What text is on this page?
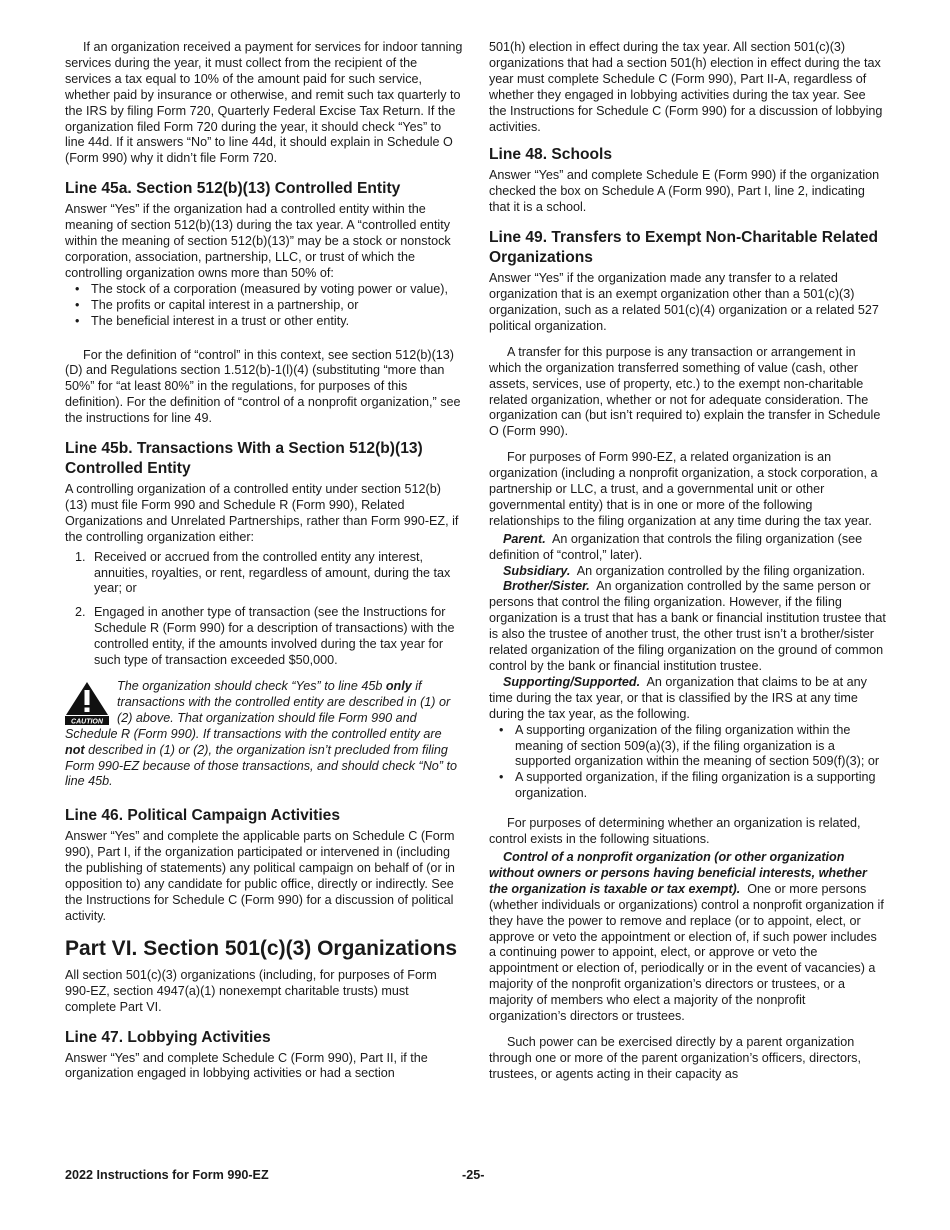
If an organization received a payment for services for indoor tanning services during the year, it must collect from the recipient of the services a tax equal to 10% of the amount paid for such service, whether paid by insurance or otherwise, and remit such tax quarterly to the IRS by filing Form 720, Quarterly Federal Excise Tax Return. If the organization filed Form 720 during the year, it should check “Yes” to line 44d. If it answers “No” to line 44d, it should explain in Schedule O (Form 990) why it didn’t file Form 720.

Line 45a. Section 512(b)(13) Controlled Entity

Answer “Yes” if the organization had a controlled entity within the meaning of section 512(b)(13) during the tax year. A “controlled entity within the meaning of section 512(b)(13)” may be a stock or nonstock corporation, association, partnership, LLC, or trust of which the controlling organization owns more than 50% of:

• The stock of a corporation (measured by voting power or value),
• The profits or capital interest in a partnership, or
• The beneficial interest in a trust or other entity.

For the definition of “control” in this context, see section 512(b)(13)(D) and Regulations section 1.512(b)-1(l)(4) (substituting “more than 50%” for “at least 80%” in the regulations, for purposes of this definition). For the definition of “control of a nonprofit organization,” see the instructions for line 49.

Line 45b. Transactions With a Section 512(b)(13) Controlled Entity

A controlling organization of a controlled entity under section 512(b)(13) must file Form 990 and Schedule R (Form 990), Related Organizations and Unrelated Partnerships, rather than Form 990-EZ, if the controlling organization either:

1. Received or accrued from the controlled entity any interest, annuities, royalties, or rent, regardless of amount, during the tax year; or
2. Engaged in another type of transaction (see the Instructions for Schedule R (Form 990) for a description of transactions) with the controlled entity, if the amounts involved during the tax year for such type of transaction exceeded $50,000.
CAUTION
The organization should check “Yes” to line 45b only if transactions with the controlled entity are described in (1) or (2) above. That organization should file Form 990 and Schedule R (Form 990). If transactions with the controlled entity are not described in (1) or (2), the organization isn’t precluded from filing Form 990-EZ because of those transactions, and should check “No” to line 45b.
Line 46. Political Campaign Activities

Answer “Yes” and complete the applicable parts on Schedule C (Form 990), Part I, if the organization participated or intervened in (including the publishing of statements) any political campaign on behalf of (or in opposition to) any candidate for public office, directly or indirectly. See the Instructions for Schedule C (Form 990) for a discussion of political activity.

Part VI. Section 501(c)(3) Organizations

All section 501(c)(3) organizations (including, for purposes of Form 990-EZ, section 4947(a)(1) nonexempt charitable trusts) must complete Part VI.

Line 47. Lobbying Activities

Answer “Yes” and complete Schedule C (Form 990), Part II, if the organization engaged in lobbying activities or had a section

501(h) election in effect during the tax year. All section 501(c)(3) organizations that had a section 501(h) election in effect during the tax year must complete Schedule C (Form 990), Part II-A, regardless of whether they engaged in lobbying activities during the tax year. See the Instructions for Schedule C (Form 990) for a discussion of lobbying activities.

Line 48. Schools

Answer “Yes” and complete Schedule E (Form 990) if the organization checked the box on Schedule A (Form 990), Part I, line 2, indicating that it is a school.

Line 49. Transfers to Exempt Non-Charitable Related Organizations

Answer “Yes” if the organization made any transfer to a related organization that is an exempt organization other than a 501(c)(3) organization, such as a related 501(c)(4) organization or a related 527 political organization.

A transfer for this purpose is any transaction or arrangement in which the organization transferred something of value (cash, other assets, services, use of property, etc.) to the exempt non-charitable related organization, whether or not for adequate consideration. The organization can (but isn’t required to) explain the transfer in Schedule O (Form 990).

For purposes of Form 990-EZ, a related organization is an organization (including a nonprofit organization, a stock corporation, a partnership or LLC, a trust, and a governmental unit or other governmental entity) that is in one or more of the following relationships to the filing organization at any time during the tax year.

Parent. An organization that controls the filing organization (see definition of “control,” later).

Subsidiary. An organization controlled by the filing organization.

Brother/Sister. An organization controlled by the same person or persons that control the filing organization. However, if the filing organization is a trust that has a bank or financial institution trustee that is also the trustee of another trust, the other trust isn’t a brother/sister related organization of the filing organization on the ground of common control by the bank or financial institution trustee.

Supporting/Supported. An organization that claims to be at any time during the tax year, or that is classified by the IRS at any time during the tax year, as the following.

• A supporting organization of the filing organization within the meaning of section 509(a)(3), if the filing organization is a supported organization within the meaning of section 509(f)(3); or
• A supported organization, if the filing organization is a supporting organization.

For purposes of determining whether an organization is related, control exists in the following situations.

Control of a nonprofit organization (or other organization without owners or persons having beneficial interests, whether the organization is taxable or tax exempt). One or more persons (whether individuals or organizations) control a nonprofit organization if they have the power to remove and replace (or to appoint, elect, or approve or veto the appointment or election of, if such power includes a continuing power to appoint, elect, or approve or veto the appointment or election of, periodically or in the event of vacancies) a majority of the nonprofit organization’s directors or trustees, or a majority of members who elect a majority of the nonprofit organization’s directors or trustees.

Such power can be exercised directly by a parent organization through one or more of the parent organization’s officers, directors, trustees, or agents acting in their capacity as

2022 Instructions for Form 990-EZ	-25-
